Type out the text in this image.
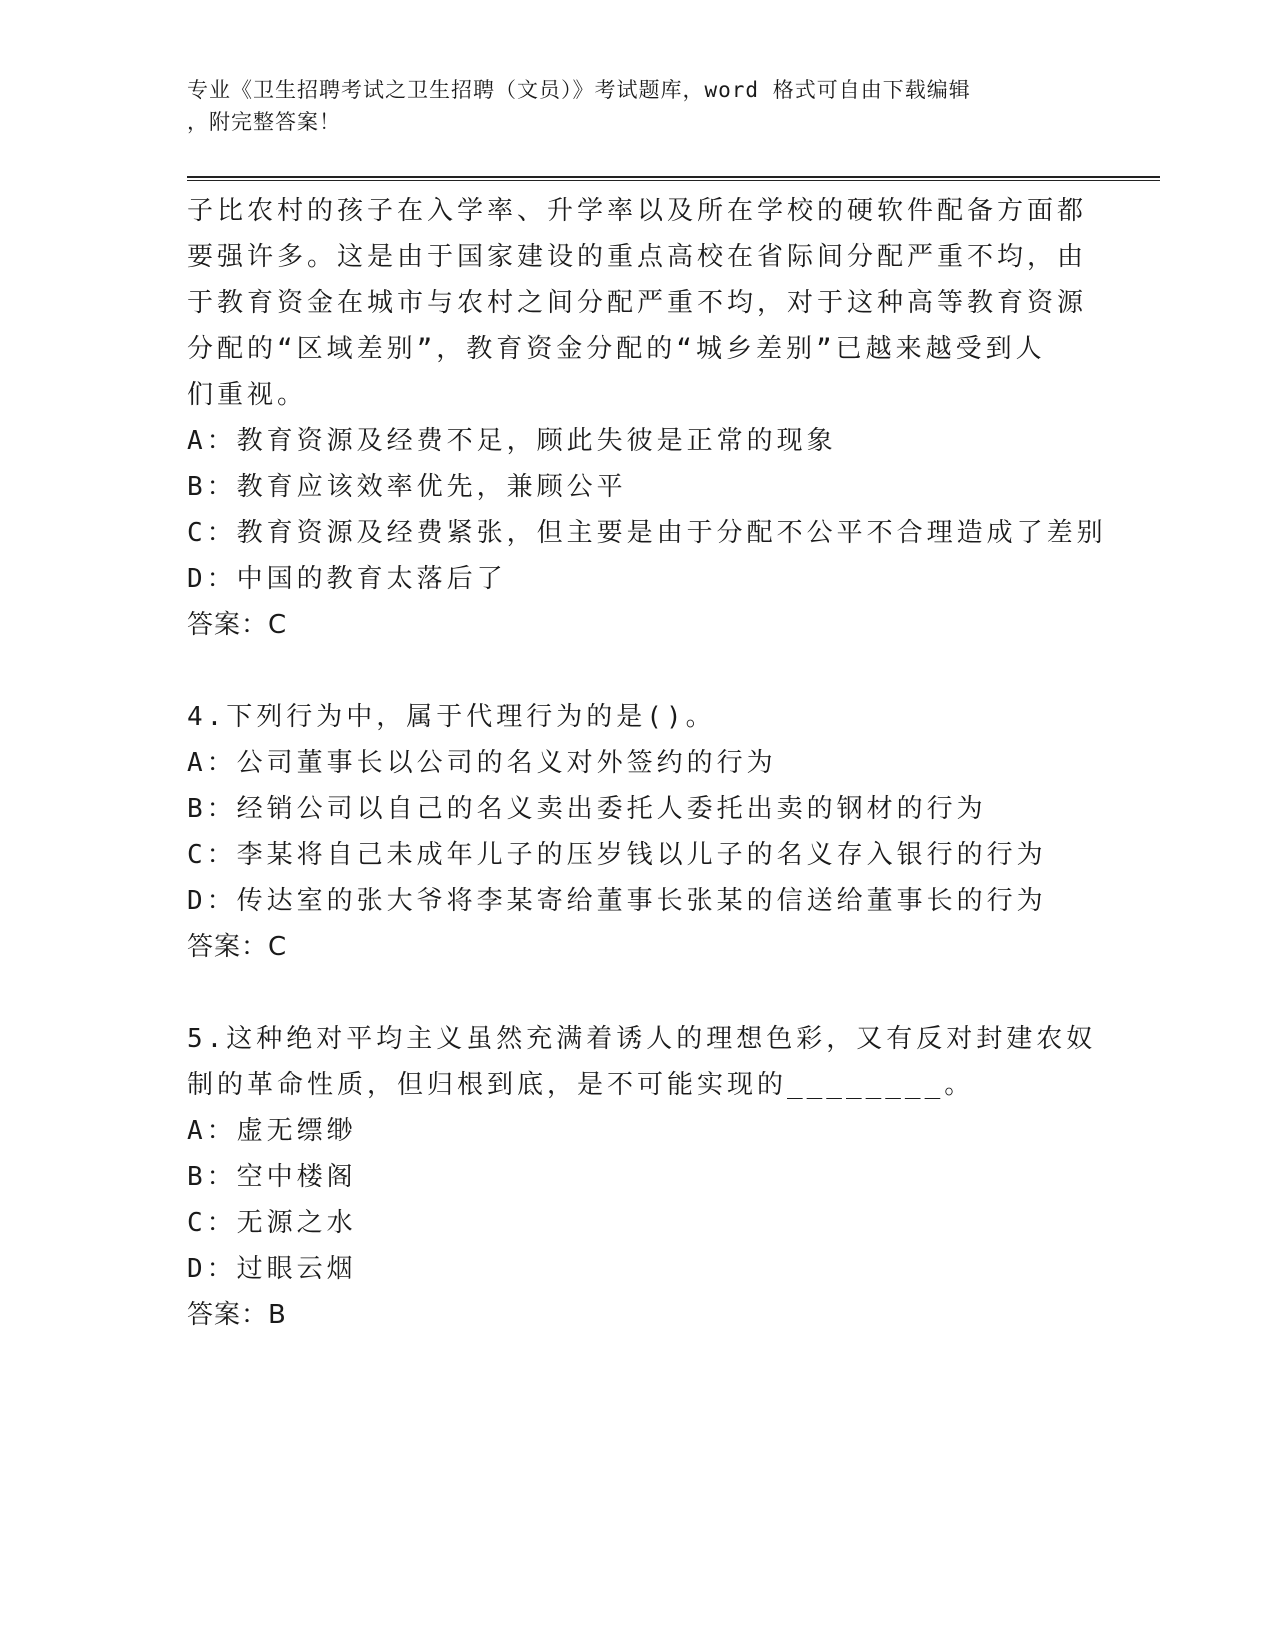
专业《卫生招聘考试之卫生招聘（文员）》考试题库，word 格式可自由下载编辑
，附完整答案！
子比农村的孩子在入学率、升学率以及所在学校的硬软件配备方面都
要强许多。这是由于国家建设的重点高校在省际间分配严重不均，由
于教育资金在城市与农村之间分配严重不均，对于这种高等教育资源
分配的“区域差别”，教育资金分配的“城乡差别”已越来越受到人
们重视。
A：教育资源及经费不足，顾此失彼是正常的现象
B：教育应该效率优先，兼顾公平
C：教育资源及经费紧张，但主要是由于分配不公平不合理造成了差别
D：中国的教育太落后了
答案：C
4.下列行为中，属于代理行为的是()。
A：公司董事长以公司的名义对外签约的行为
B：经销公司以自己的名义卖出委托人委托出卖的钢材的行为
C：李某将自己未成年儿子的压岁钱以儿子的名义存入银行的行为
D：传达室的张大爷将李某寄给董事长张某的信送给董事长的行为
答案：C
5.这种绝对平均主义虽然充满着诱人的理想色彩，又有反对封建农奴
制的革命性质，但归根到底，是不可能实现的________。
A：虚无缥缈
B：空中楼阁
C：无源之水
D：过眼云烟
答案：B
